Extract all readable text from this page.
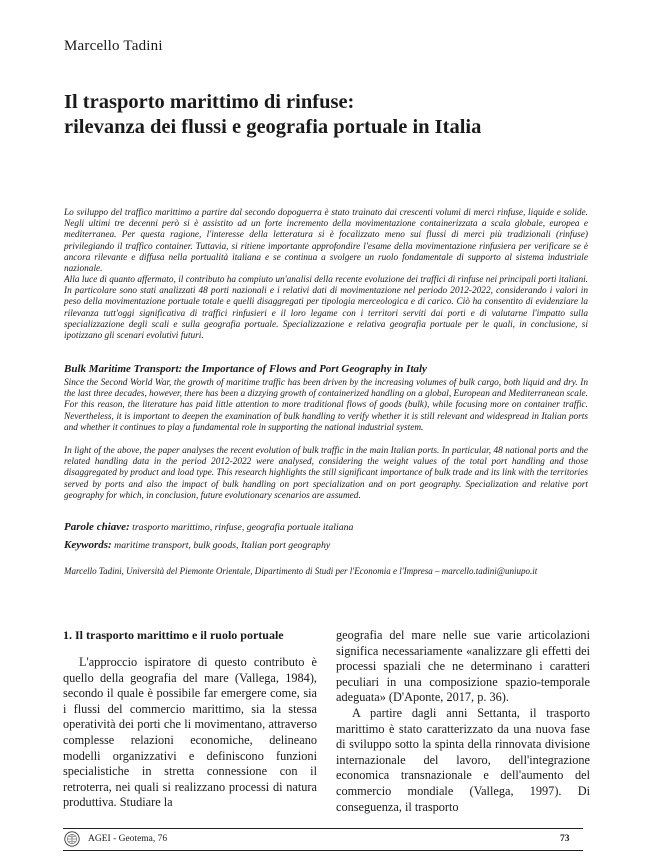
Marcello Tadini
Il trasporto marittimo di rinfuse:
rilevanza dei flussi e geografia portuale in Italia

Lo sviluppo del traffico marittimo a partire dal secondo dopoguerra è stato trainato dai crescenti volumi di merci rinfuse, liquide e solide. Negli ultimi tre decenni però si è assistito ad un forte incremento della movimentazione containerizzata a scala globale, europea e mediterranea. Per questa ragione, l'interesse della letteratura si è focalizzato meno sui flussi di merci più tradizionali (rinfuse) privilegiando il traffico container. Tuttavia, si ritiene importante approfondire l'esame della movimentazione rinfusiera per verificare se è ancora rilevante e diffusa nella portualità italiana e se continua a svolgere un ruolo fondamentale di supporto al sistema industriale nazionale.

Alla luce di quanto affermato, il contributo ha compiuto un'analisi della recente evoluzione dei traffici di rinfuse nei principali porti italiani. In particolare sono stati analizzati 48 porti nazionali e i relativi dati di movimentazione nel periodo 2012-2022, considerando i valori in peso della movimentazione portuale totale e quelli disaggregati per tipologia merceologica e di carico. Ciò ha consentito di evidenziare la rilevanza tutt'oggi significativa di traffici rinfusieri e il loro legame con i territori serviti dai porti e di valutarne l'impatto sulla specializzazione degli scali e sulla geografia portuale. Specializzazione e relativa geografia portuale per le quali, in conclusione, si ipotizzano gli scenari evolutivi futuri.

Bulk Maritime Transport: the Importance of Flows and Port Geography in Italy

Since the Second World War, the growth of maritime traffic has been driven by the increasing volumes of bulk cargo, both liquid and dry. In the last three decades, however, there has been a dizzying growth of containerized handling on a global, European and Mediterranean scale. For this reason, the literature has paid little attention to more traditional flows of goods (bulk), while focusing more on container traffic. Nevertheless, it is important to deepen the examination of bulk handling to verify whether it is still relevant and widespread in Italian ports and whether it continues to play a fundamental role in supporting the national industrial system.

In light of the above, the paper analyses the recent evolution of bulk traffic in the main Italian ports. In particular, 48 national ports and the related handling data in the period 2012-2022 were analysed, considering the weight values of the total port handling and those disaggregated by product and load type. This research highlights the still significant importance of bulk trade and its link with the territories served by ports and also the impact of bulk handling on port specialization and on port geography. Specialization and relative port geography for which, in conclusion, future evolutionary scenarios are assumed.

Parole chiave: trasporto marittimo, rinfuse, geografia portuale italiana
Keywords: maritime transport, bulk goods, Italian port geography
Marcello Tadini, Università del Piemonte Orientale, Dipartimento di Studi per l'Economia e l'Impresa – marcello.tadini@uniupo.it
1. Il trasporto marittimo e il ruolo portuale

L'approccio ispiratore di questo contributo è quello della geografia del mare (Vallega, 1984), secondo il quale è possibile far emergere come, sia i flussi del commercio marittimo, sia la stessa operatività dei porti che li movimentano, attraverso complesse relazioni economiche, delineano modelli organizzativi e definiscono funzioni specialistiche in stretta connessione con il retroterra, nei quali si realizzano processi di natura produttiva. Studiare la

geografia del mare nelle sue varie articolazioni significa necessariamente «analizzare gli effetti dei processi spaziali che ne determinano i caratteri peculiari in una composizione spazio-temporale adeguata» (D'Aponte, 2017, p. 36).

A partire dagli anni Settanta, il trasporto marittimo è stato caratterizzato da una nuova fase di sviluppo sotto la spinta della rinnovata divisione internazionale del lavoro, dell'integrazione economica transnazionale e dell'aumento del commercio mondiale (Vallega, 1997). Di conseguenza, il trasporto

AGEI - Geotema, 76	73
